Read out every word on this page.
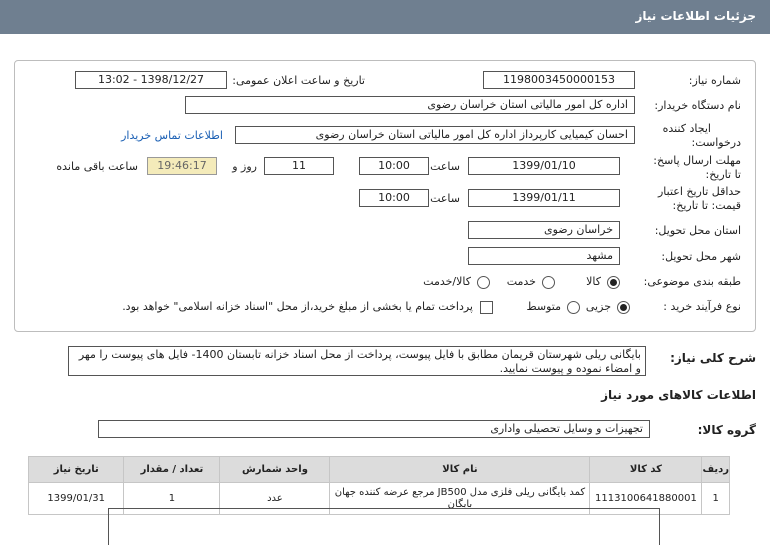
جزئیات اطلاعات نیاز
شماره نیاز:
1198003450000153
تاریخ و ساعت اعلان عمومی:
1398/12/27 - 13:02
نام دستگاه خریدار:
اداره کل امور مالیاتی استان خراسان رضوی
ایجاد کننده
درخواست:
احسان کیمیایی کارپرداز اداره کل امور مالیاتی استان خراسان رضوی
اطلاعات تماس خریدار
مهلت ارسال پاسخ:
تا تاریخ:
1399/01/10
ساعت
10:00
11
روز و
19:46:17
ساعت باقی مانده
حداقل تاریخ اعتبار
قیمت: تا تاریخ:
1399/01/11
ساعت
10:00
استان محل تحویل:
خراسان رضوی
شهر محل تحویل:
مشهد
طبقه بندی موضوعی:
کالا
خدمت
کالا/خدمت
نوع فرآیند خرید :
جزیی
متوسط
پرداخت تمام یا بخشی از مبلغ خرید،از محل "اسناد خزانه اسلامی" خواهد بود.
شرح کلی نیاز:
بایگانی ریلی شهرستان قریمان مطابق با فایل پیوست، پرداخت از محل اسناد خزانه تابستان 1400- فایل های پیوست را مهر و امضاء نموده و پیوست نمایید.
اطلاعات کالاهای مورد نیاز
گروه کالا:
تجهیزات و وسایل تحصیلی واداری
ردیف	کد کالا	نام کالا	واحد شمارش	تعداد / مقدار	تاریخ نیاز
1	1113100641880001	کمد بایگانی ریلی فلزی مدل JB500 مرجع عرضه کننده جهان بایگان	عدد	1	1399/01/31
